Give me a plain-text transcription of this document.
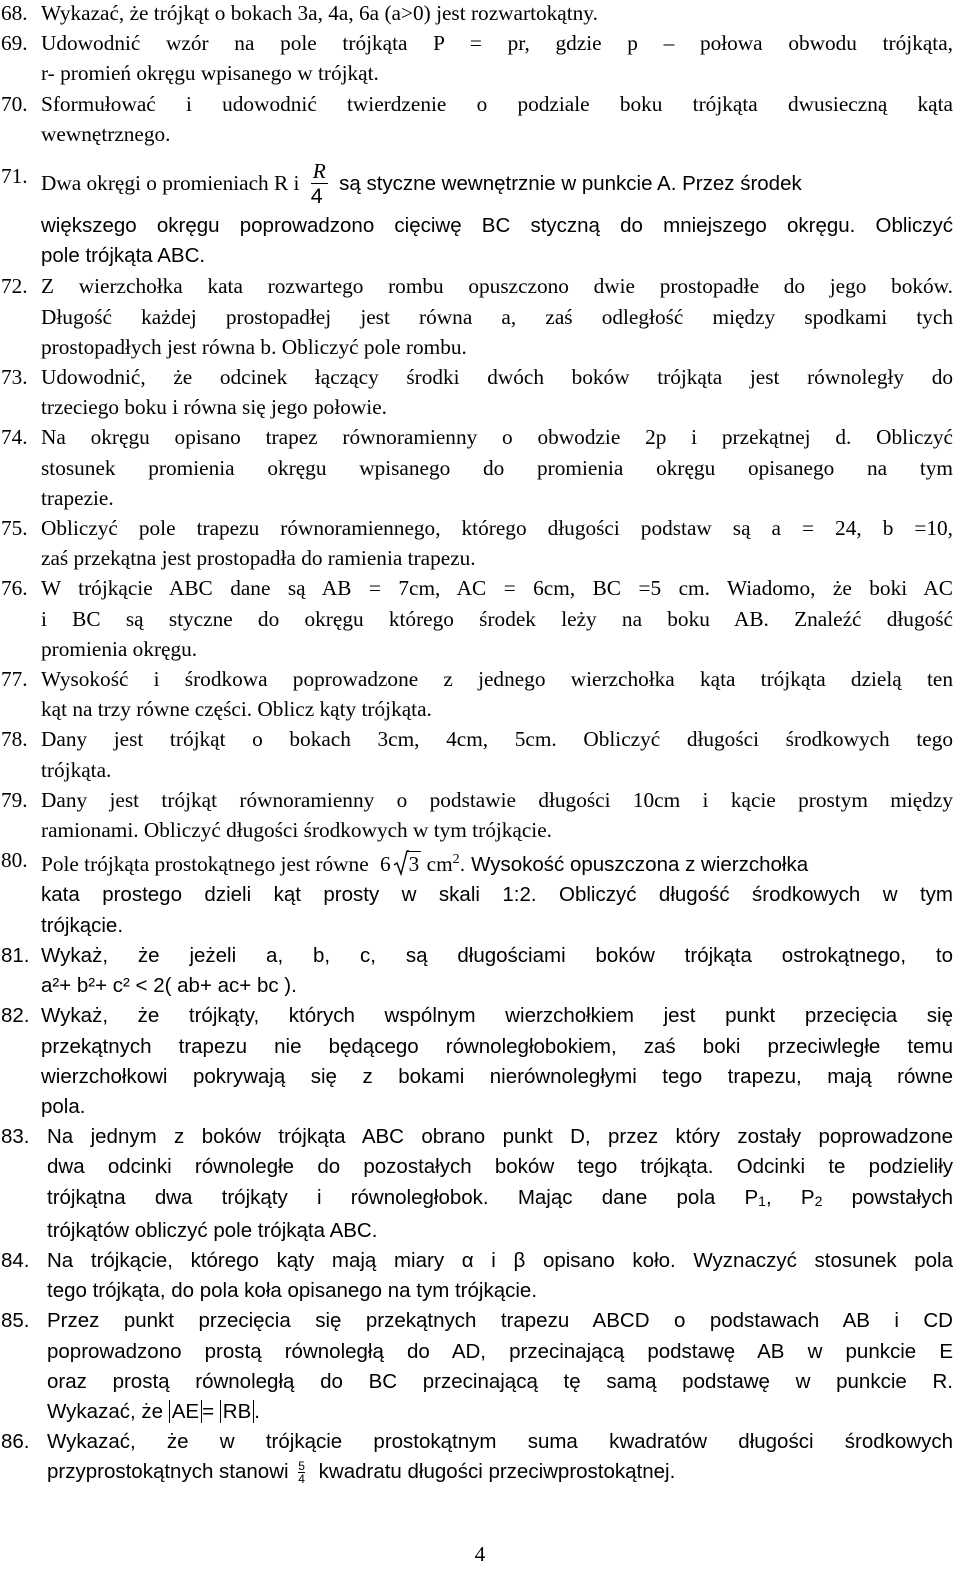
68. Wykazać, że trójkąt o bokach 3a, 4a, 6a (a>0) jest rozwartokątny.
69. Udowodnić wzór na pole trójkąta P = pr, gdzie p – połowa obwodu trójkąta,
r- promień okręgu wpisanego w trójkąt.
70. Sformułować i udowodnić twierdzenie o podziale boku trójkąta dwusieczną kąta
wewnętrznego.
71. Dwa okręgi o promieniach R i $\frac{R}{4}$ są styczne wewnętrznie w punkcie A. Przez środek
większego okręgu poprowadzono cięciwę BC styczną do mniejszego okręgu. Obliczyć
pole trójkąta ABC.
72. Z wierzchołka kata rozwartego rombu opuszczono dwie prostopadłe do jego boków.
Długość każdej prostopadłej jest równa a, zaś odległość między spodkami tych
prostopadłych jest równa b. Obliczyć pole rombu.
73. Udowodnić, że odcinek łączący środki dwóch boków trójkąta jest równoległy do
trzeciego boku i równa się jego połowie.
74. Na okręgu opisano trapez równoramienny o obwodzie 2p i przekątnej d. Obliczyć
stosunek promienia okręgu wpisanego do promienia okręgu opisanego na tym
trapezie.
75. Obliczyć pole trapezu równoramiennego, którego długości podstaw są a = 24, b =10,
zaś przekątna jest prostopadła do ramienia trapezu.
76. W trójkącie ABC dane są AB = 7cm, AC = 6cm, BC =5 cm. Wiadomo, że boki AC
i BC są styczne do okręgu którego środek leży na boku AB. Znaleźć długość
promienia okręgu.
77. Wysokość i środkowa poprowadzone z jednego wierzchołka kąta trójkąta dzielą ten
kąt na trzy równe części. Oblicz kąty trójkąta.
78. Dany jest trójkąt o bokach 3cm, 4cm, 5cm. Obliczyć długości środkowych tego
trójkąta.
79. Dany jest trójkąt równoramienny o podstawie długości 10cm i kącie prostym między
ramionami. Obliczyć długości środkowych w tym trójkącie.
80. Pole trójkąta prostokątnego jest równe 6 3 $cm^2$. Wysokość opuszczona z wierzchołka
kata prostego dzieli kąt prosty w skali 1:2. Obliczyć długość środkowych w tym
trójkącie.
81. Wykaż, że jeżeli a, b, c, są długościami boków trójkąta ostrokątnego, to
a²+ b²+ c² < 2( ab+ ac+ bc ).
82. Wykaż, że trójkąty, których wspólnym wierzchołkiem jest punkt przecięcia się
przekątnych trapezu nie będącego równoległobokiem, zaś boki przeciwległe temu
wierzchołkowi pokrywają się z bokami nierównoległymi tego trapezu, mają równe
pola.
83. Na jednym z boków trójkąta ABC obrano punkt D, przez który zostały poprowadzone
dwa odcinki równoległe do pozostałych boków tego trójkąta. Odcinki te podzieliły
trójkątna dwa trójkąty i równoległobok. Mając dane pola P1, P2 powstałych
trójkątów obliczyć pole trójkąta ABC.
84. Na trójkącie, którego kąty mają miary α i β opisano koło. Wyznaczyć stosunek pola
tego trójkąta, do pola koła opisanego na tym trójkącie.
85. Przez punkt przecięcia się przekątnych trapezu ABCD o podstawach AB i CD
poprowadzono prostą równoległą do AD, przecinającą podstawę AB w punkcie E
oraz prostą równoległą do BC przecinającą tę samą podstawę w punkcie R.
Wykazać, że AE = RB .
86. Wykazać, że w trójkącie prostokątnym suma kwadratów długości środkowych
przyprostokątnych stanowi $\frac{5}{4}$ kwadratu długości przeciwprostokątnej.
4
